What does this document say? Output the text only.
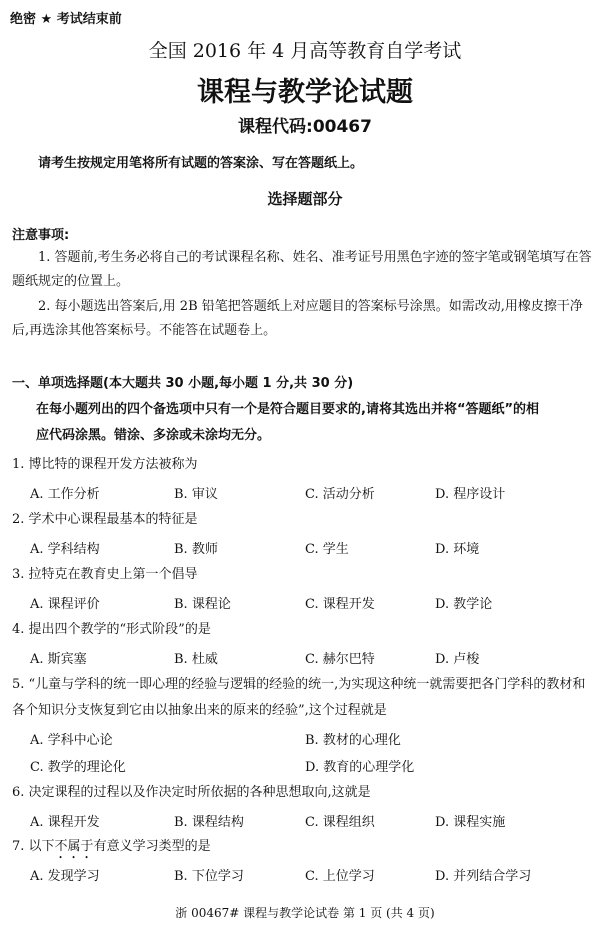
绝密 ★ 考试结束前
全国 2016 年 4 月高等教育自学考试
课程与教学论试题
课程代码:00467
请考生按规定用笔将所有试题的答案涂、写在答题纸上。
选择题部分
注意事项:
1. 答题前,考生务必将自己的考试课程名称、姓名、准考证号用黑色字迹的签字笔或钢笔填写在答题纸规定的位置上。
2. 每小题选出答案后,用 2B 铅笔把答题纸上对应题目的答案标号涂黑。如需改动,用橡皮擦干净后,再选涂其他答案标号。不能答在试题卷上。
一、单项选择题(本大题共 30 小题,每小题 1 分,共 30 分)
在每小题列出的四个备选项中只有一个是符合题目要求的,请将其选出并将“答题纸”的相
应代码涂黑。错涂、多涂或未涂均无分。
1. 博比特的课程开发方法被称为
A. 工作分析	B. 审议	C. 活动分析	D. 程序设计
2. 学术中心课程最基本的特征是
A. 学科结构	B. 教师	C. 学生	D. 环境
3. 拉特克在教育史上第一个倡导
A. 课程评价	B. 课程论	C. 课程开发	D. 教学论
4. 提出四个教学的“形式阶段”的是
A. 斯宾塞	B. 杜威	C. 赫尔巴特	D. 卢梭
5. “儿童与学科的统一即心理的经验与逻辑的经验的统一,为实现这种统一就需要把各门学科的教材和各个知识分支恢复到它由以抽象出来的原来的经验”,这个过程就是
A. 学科中心论	B. 教材的心理化
C. 教学的理论化	D. 教育的心理学化
6. 决定课程的过程以及作决定时所依据的各种思想取向,这就是
A. 课程开发	B. 课程结构	C. 课程组织	D. 课程实施
7. 以下不属于有意义学习类型的是
A. 发现学习	B. 下位学习	C. 上位学习	D. 并列结合学习
浙 00467# 课程与教学论试卷 第 1 页 (共 4 页)
